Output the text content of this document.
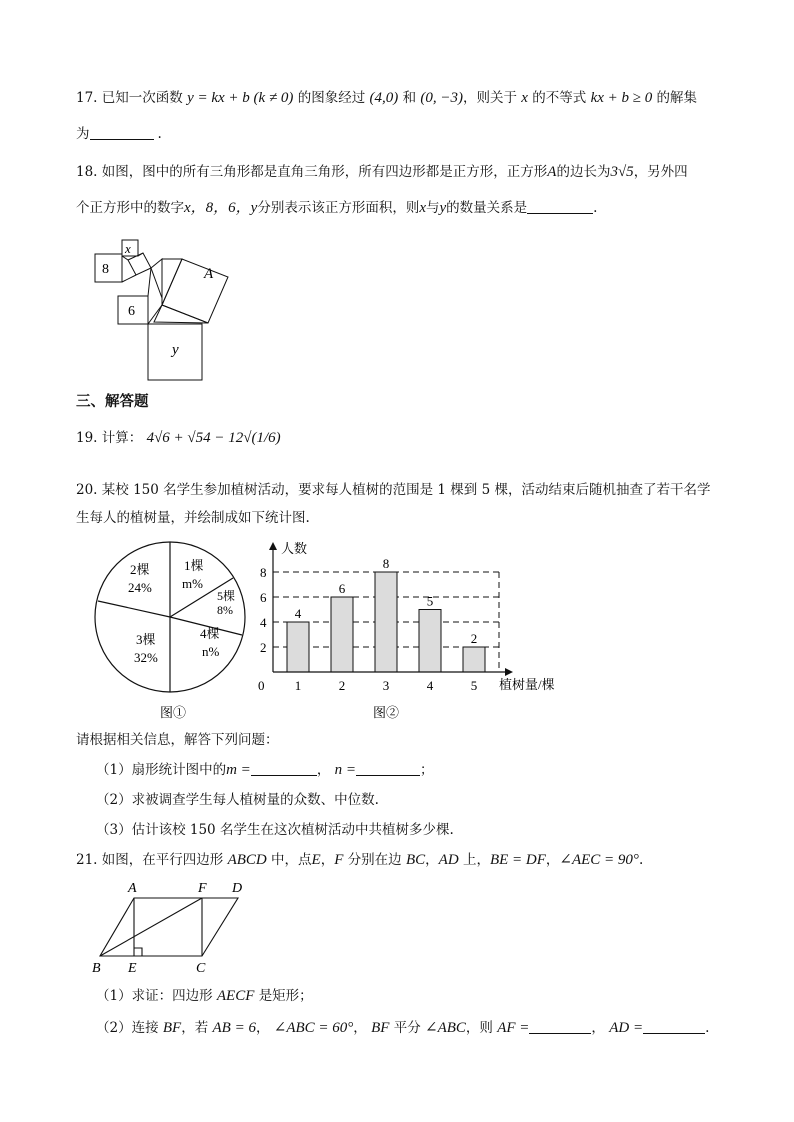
17. 已知一次函数 y = kx + b (k ≠ 0) 的图象经过 (4,0) 和 (0, −3)，则关于 x 的不等式 kx + b ≥ 0 的解集
为	.
18. 如图，图中的所有三角形都是直角三角形，所有四边形都是正方形，正方形A的边长为3√5，另外四
个正方形中的数字x，8，6，y分别表示该正方形面积，则x与y的数量关系是	.
x
8	A
6
y
三、解答题
19. 计算： 4√6 + √54 − 12√(1/6)
20. 某校 150 名学生参加植树活动，要求每人植树的范围是 1 棵到 5 棵，活动结束后随机抽查了若干名学
生每人的植树量，并绘制成如下统计图.
1棵
m%
2棵
24%
3棵
32%
4棵
n%
5棵
8%
图①
4
6
8
5
2
人数
植树量/棵
0
2
4
6
8
1	2	3	4	5
图②
请根据相关信息，解答下列问题：
（1）扇形统计图中的m =	， n =	；
（2）求被调查学生每人植树量的众数、中位数.
（3）估计该校 150 名学生在这次植树活动中共植树多少棵.
21. 如图，在平行四边形 ABCD 中，点E，F 分别在边 BC，AD 上，BE = DF，∠AEC = 90°.
A	F D
B E	C
（1）求证：四边形 AECF 是矩形；
（2）连接 BF，若 AB = 6， ∠ABC = 60°， BF 平分 ∠ABC，则 AF =	， AD =	.
